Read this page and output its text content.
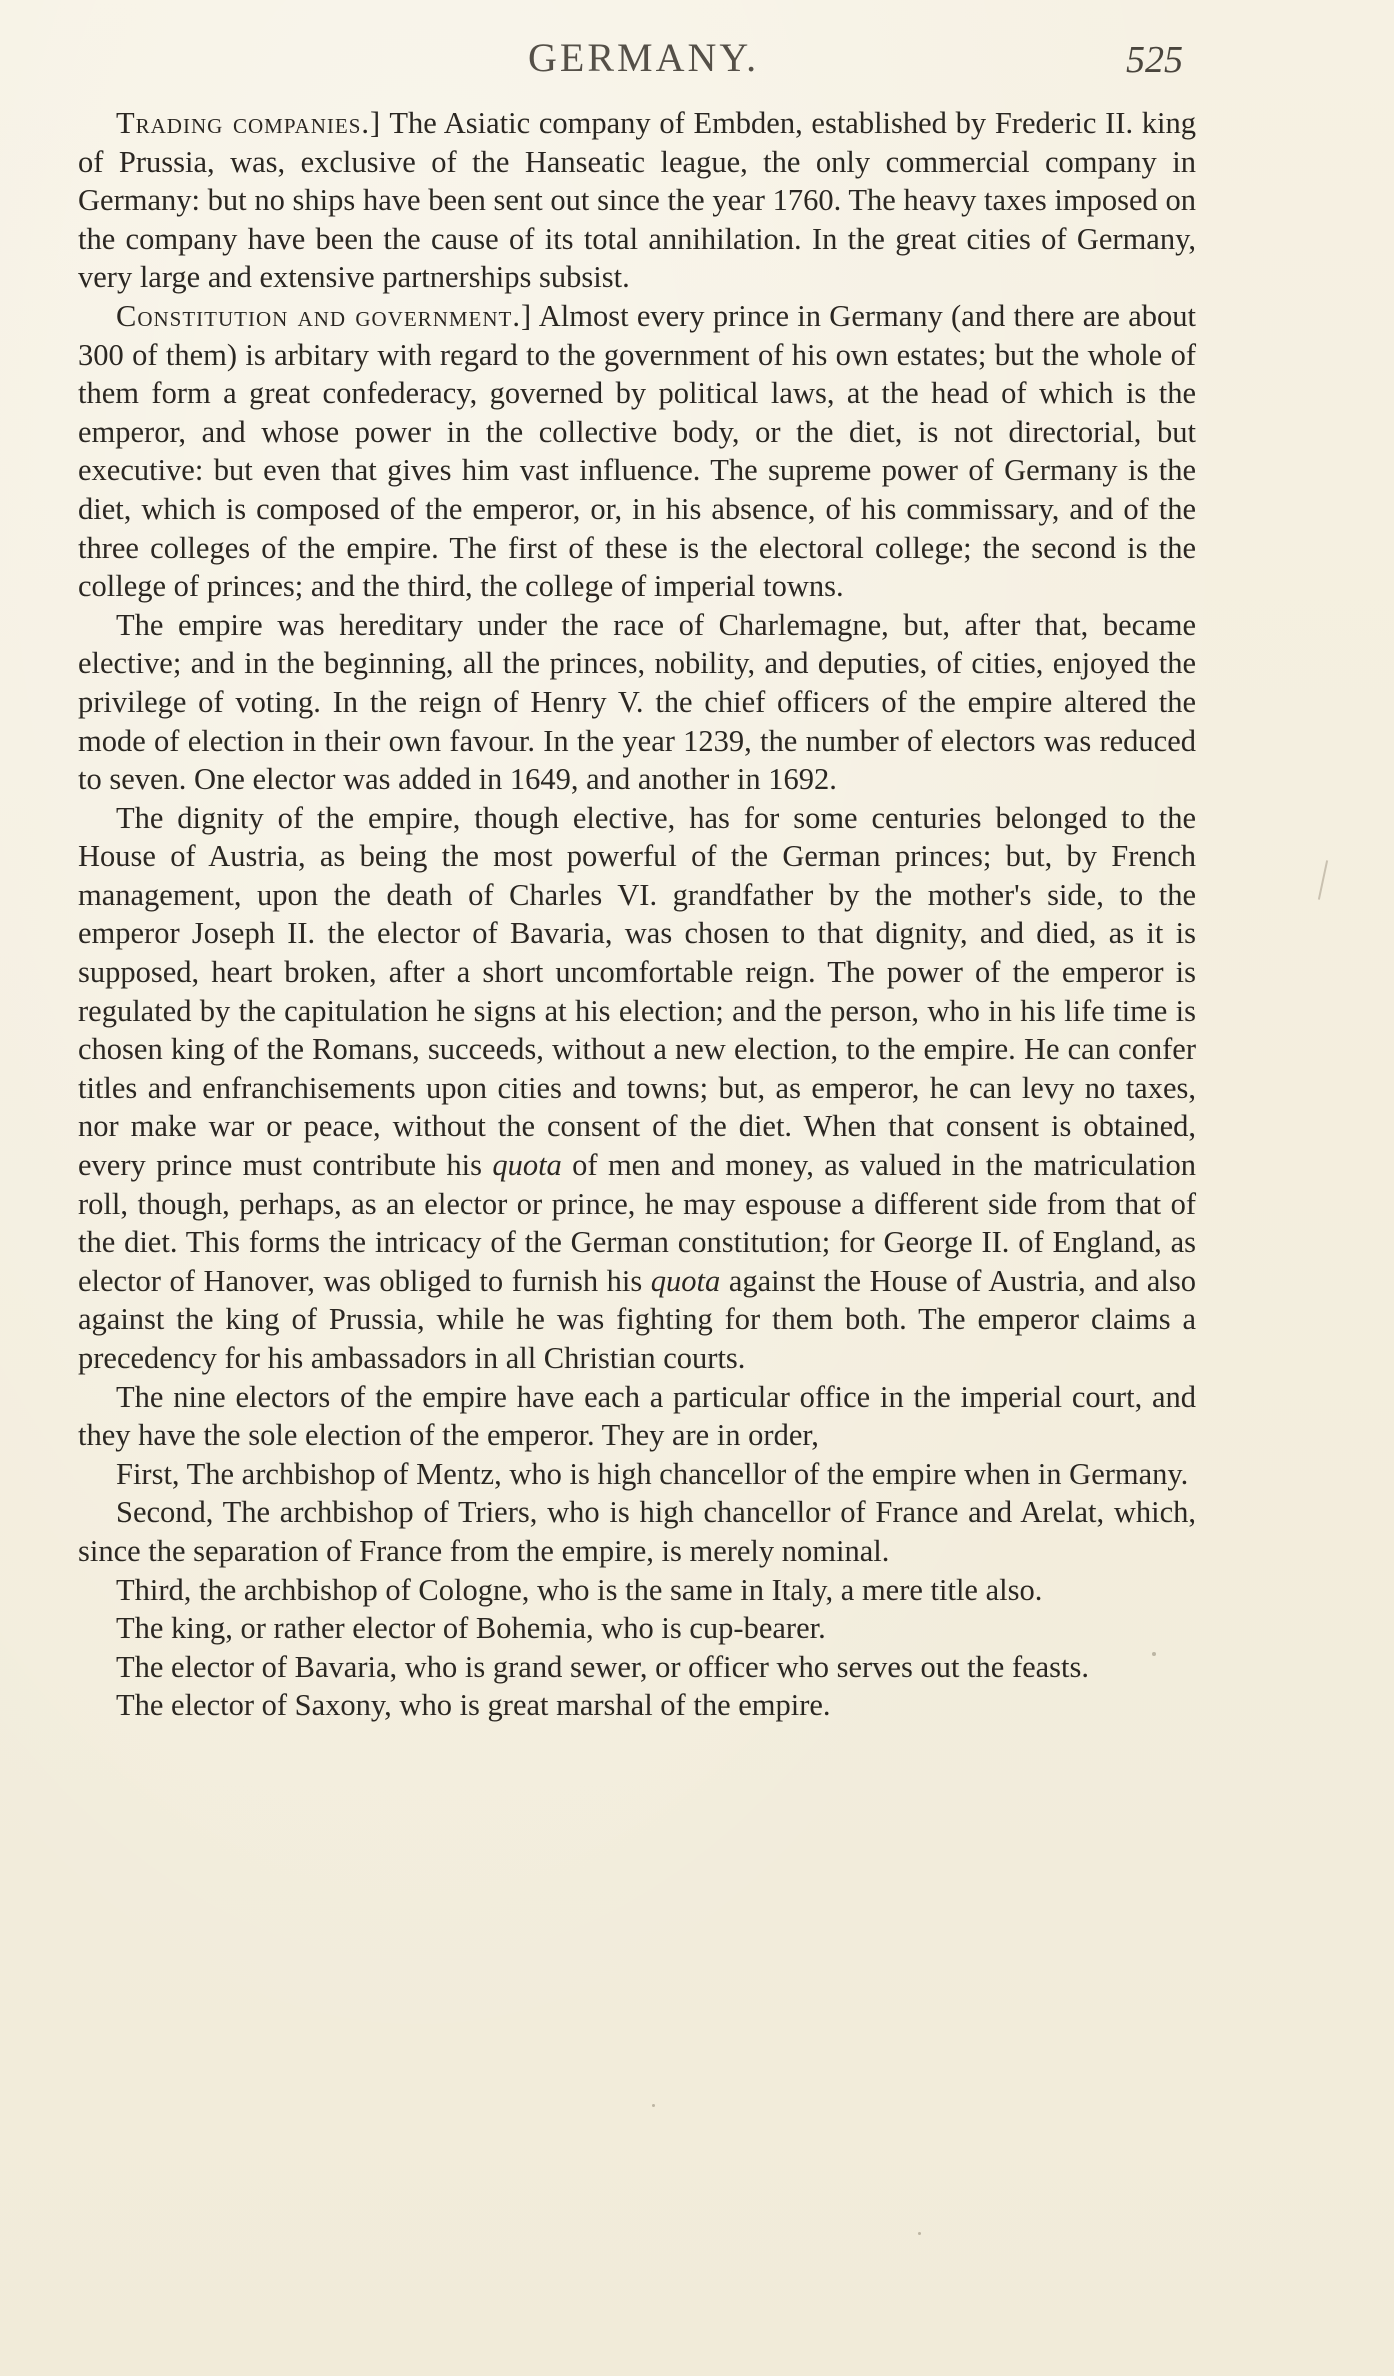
GERMANY.	525

Trading companies.] The Asiatic company of Embden, established by Frederic II. king of Prussia, was, exclusive of the Hanseatic league, the only commercial company in Germany: but no ships have been sent out since the year 1760. The heavy taxes imposed on the company have been the cause of its total annihilation. In the great cities of Germany, very large and extensive partnerships subsist.

Constitution and government.] Almost every prince in Germany (and there are about 300 of them) is arbitary with regard to the government of his own estates; but the whole of them form a great confederacy, governed by political laws, at the head of which is the emperor, and whose power in the collective body, or the diet, is not directorial, but executive: but even that gives him vast influence. The supreme power of Germany is the diet, which is composed of the emperor, or, in his absence, of his commissary, and of the three colleges of the empire. The first of these is the electoral college; the second is the college of princes; and the third, the college of imperial towns.

The empire was hereditary under the race of Charlemagne, but, after that, became elective; and in the beginning, all the princes, nobility, and deputies, of cities, enjoyed the privilege of voting. In the reign of Henry V. the chief officers of the empire altered the mode of election in their own favour. In the year 1239, the number of electors was reduced to seven. One elector was added in 1649, and another in 1692.

The dignity of the empire, though elective, has for some centuries belonged to the House of Austria, as being the most powerful of the German princes; but, by French management, upon the death of Charles VI. grandfather by the mother's side, to the emperor Joseph II. the elector of Bavaria, was chosen to that dignity, and died, as it is supposed, heart broken, after a short uncomfortable reign. The power of the emperor is regulated by the capitulation he signs at his election; and the person, who in his life time is chosen king of the Romans, succeeds, without a new election, to the empire. He can confer titles and enfranchisements upon cities and towns; but, as emperor, he can levy no taxes, nor make war or peace, without the consent of the diet. When that consent is obtained, every prince must contribute his quota of men and money, as valued in the matriculation roll, though, perhaps, as an elector or prince, he may espouse a different side from that of the diet. This forms the intricacy of the German constitution; for George II. of England, as elector of Hanover, was obliged to furnish his quota against the House of Austria, and also against the king of Prussia, while he was fighting for them both. The emperor claims a precedency for his ambassadors in all Christian courts.

The nine electors of the empire have each a particular office in the imperial court, and they have the sole election of the emperor. They are in order,

First, The archbishop of Mentz, who is high chancellor of the empire when in Germany.

Second, The archbishop of Triers, who is high chancellor of France and Arelat, which, since the separation of France from the empire, is merely nominal.

Third, the archbishop of Cologne, who is the same in Italy, a mere title also.

The king, or rather elector of Bohemia, who is cup-bearer.

The elector of Bavaria, who is grand sewer, or officer who serves out the feasts.

The elector of Saxony, who is great marshal of the empire.
